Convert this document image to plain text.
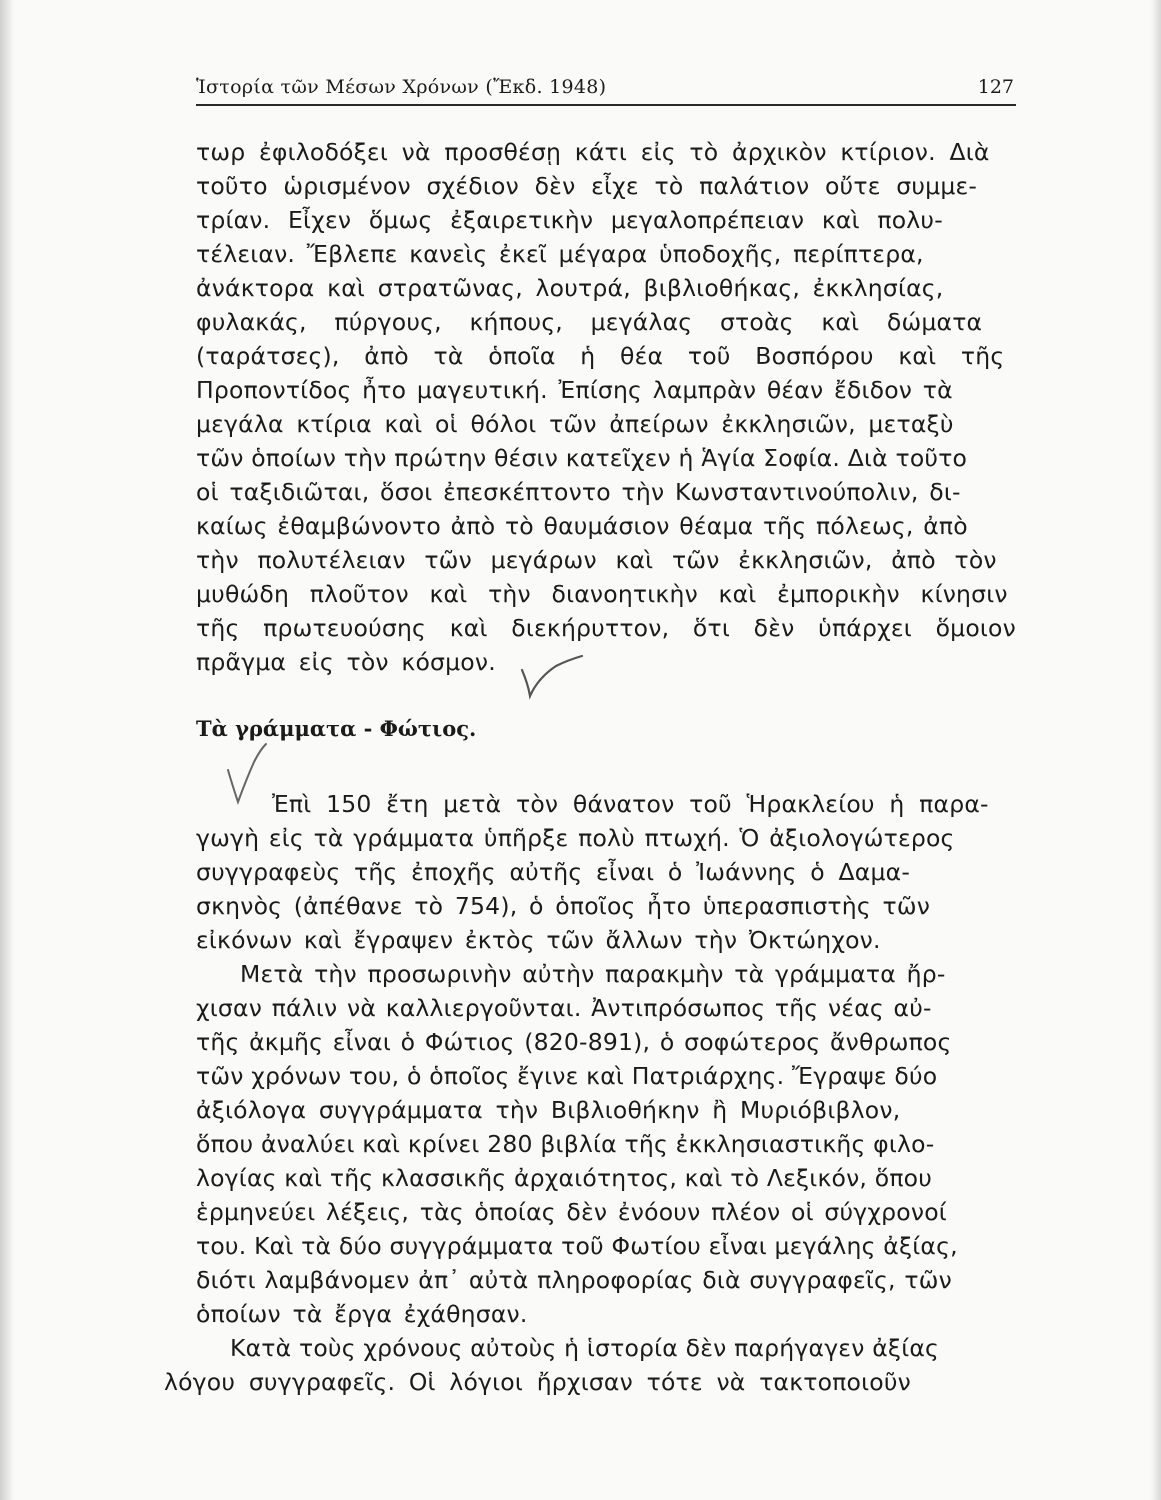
Ἱστορία τῶν Μέσων Χρόνων (Ἔκδ. 1948)	127
τωρ ἐφιλοδόξει νὰ προσθέσῃ κάτι εἰς τὸ ἀρχικὸν κτίριον. Διὰ
τοῦτο ὡρισμένον σχέδιον δὲν εἶχε τὸ παλάτιον οὔτε συμμε-
τρίαν. Εἶχεν ὅμως ἐξαιρετικὴν μεγαλοπρέπειαν καὶ πολυ-
τέλειαν. Ἔβλεπε κανεὶς ἐκεῖ μέγαρα ὑποδοχῆς, περίπτερα,
ἀνάκτορα καὶ στρατῶνας, λουτρά, βιβλιοθήκας, ἐκκλησίας,
φυλακάς, πύργους, κήπους, μεγάλας στοὰς καὶ δώματα
(ταράτσες), ἀπὸ τὰ ὁποῖα ἡ θέα τοῦ Βοσπόρου καὶ τῆς
Προποντίδος ἦτο μαγευτική. Ἐπίσης λαμπρὰν θέαν ἔδιδον τὰ
μεγάλα κτίρια καὶ οἱ θόλοι τῶν ἀπείρων ἐκκλησιῶν, μεταξὺ
τῶν ὁποίων τὴν πρώτην θέσιν κατεῖχεν ἡ Ἁγία Σοφία. Διὰ τοῦτο
οἱ ταξιδιῶται, ὅσοι ἐπεσκέπτοντο τὴν Κωνσταντινούπολιν, δι-
καίως ἐθαμβώνοντο ἀπὸ τὸ θαυμάσιον θέαμα τῆς πόλεως, ἀπὸ
τὴν πολυτέλειαν τῶν μεγάρων καὶ τῶν ἐκκλησιῶν, ἀπὸ τὸν
μυθώδη πλοῦτον καὶ τὴν διανοητικὴν καὶ ἐμπορικὴν κίνησιν
τῆς πρωτευούσης καὶ διεκήρυττον, ὅτι δὲν ὑπάρχει ὅμοιον
πρᾶγμα εἰς τὸν κόσμον.
Τὰ γράμματα - Φώτιος.
Ἐπὶ 150 ἔτη μετὰ τὸν θάνατον τοῦ Ἡρακλείου ἡ παρα-
γωγὴ εἰς τὰ γράμματα ὑπῆρξε πολὺ πτωχή. Ὁ ἀξιολογώτερος
συγγραφεὺς τῆς ἐποχῆς αὐτῆς εἶναι ὁ Ἰωάννης ὁ Δαμα-
σκηνὸς (ἀπέθανε τὸ 754), ὁ ὁποῖος ἦτο ὑπερασπιστὴς τῶν
εἰκόνων καὶ ἔγραψεν ἐκτὸς τῶν ἄλλων τὴν Ὀκτώηχον.
Μετὰ τὴν προσωρινὴν αὐτὴν παρακμὴν τὰ γράμματα ἤρ-
χισαν πάλιν νὰ καλλιεργοῦνται. Ἀντιπρόσωπος τῆς νέας αὐ-
τῆς ἀκμῆς εἶναι ὁ Φώτιος (820-891), ὁ σοφώτερος ἄνθρωπος
τῶν χρόνων του, ὁ ὁποῖος ἔγινε καὶ Πατριάρχης. Ἔγραψε δύο
ἀξιόλογα συγγράμματα τὴν Βιβλιοθήκην ἢ Μυριόβιβλον,
ὅπου ἀναλύει καὶ κρίνει 280 βιβλία τῆς ἐκκλησιαστικῆς φιλο-
λογίας καὶ τῆς κλασσικῆς ἀρχαιότητος, καὶ τὸ Λεξικόν, ὅπου
ἑρμηνεύει λέξεις, τὰς ὁποίας δὲν ἐνόουν πλέον οἱ σύγχρονοί
του. Καὶ τὰ δύο συγγράμματα τοῦ Φωτίου εἶναι μεγάλης ἀξίας,
διότι λαμβάνομεν ἀπ᾽ αὐτὰ πληροφορίας διὰ συγγραφεῖς, τῶν
ὁποίων τὰ ἔργα ἐχάθησαν.
Κατὰ τοὺς χρόνους αὐτοὺς ἡ ἱστορία δὲν παρήγαγεν ἀξίας
λόγου συγγραφεῖς. Οἱ λόγιοι ἤρχισαν τότε νὰ τακτοποιοῦν
